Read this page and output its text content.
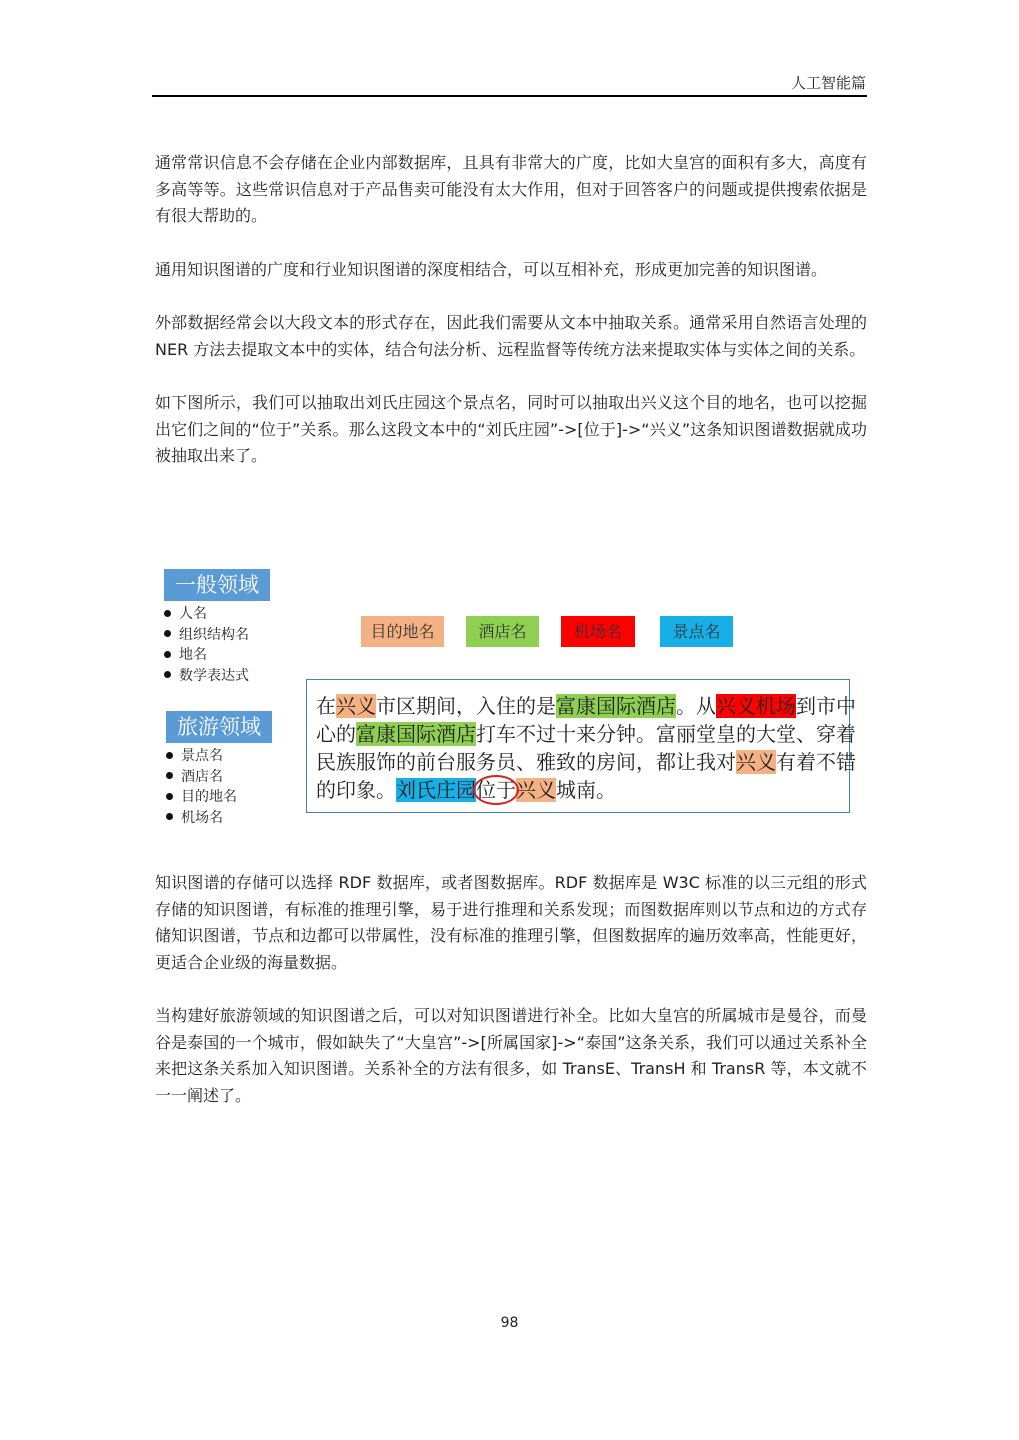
人工智能篇

通常常识信息不会存储在企业内部数据库，且具有非常大的广度，比如大皇宫的面积有多大，高度有多高等等。这些常识信息对于产品售卖可能没有太大作用，但对于回答客户的问题或提供搜索依据是有很大帮助的。

通用知识图谱的广度和行业知识图谱的深度相结合，可以互相补充，形成更加完善的知识图谱。

外部数据经常会以大段文本的形式存在，因此我们需要从文本中抽取关系。通常采用自然语言处理的 NER 方法去提取文本中的实体，结合句法分析、远程监督等传统方法来提取实体与实体之间的关系。

如下图所示，我们可以抽取出刘氏庄园这个景点名，同时可以抽取出兴义这个目的地名，也可以挖掘出它们之间的“位于”关系。那么这段文本中的“刘氏庄园”->[位于]->“兴义”这条知识图谱数据就成功被抽取出来了。

一般领域
人名
组织结构名
地名
数学表达式
旅游领域
景点名
酒店名
目的地名
机场名
目的地名	酒店名	机场名	景点名
在兴义市区期间，入住的是富康国际酒店。从兴义机场到市中
心的富康国际酒店打车不过十来分钟。富丽堂皇的大堂、穿着
民族服饰的前台服务员、雅致的房间，都让我对兴义有着不错
的印象。刘氏庄园位于兴义城南。

知识图谱的存储可以选择 RDF 数据库，或者图数据库。RDF 数据库是 W3C 标准的以三元组的形式存储的知识图谱，有标准的推理引擎，易于进行推理和关系发现；而图数据库则以节点和边的方式存储知识图谱，节点和边都可以带属性，没有标准的推理引擎，但图数据库的遍历效率高，性能更好，更适合企业级的海量数据。

当构建好旅游领域的知识图谱之后，可以对知识图谱进行补全。比如大皇宫的所属城市是曼谷，而曼谷是泰国的一个城市，假如缺失了“大皇宫”->[所属国家]->“泰国”这条关系，我们可以通过关系补全来把这条关系加入知识图谱。关系补全的方法有很多，如 TransE、TransH 和 TransR 等，本文就不一一阐述了。

98
